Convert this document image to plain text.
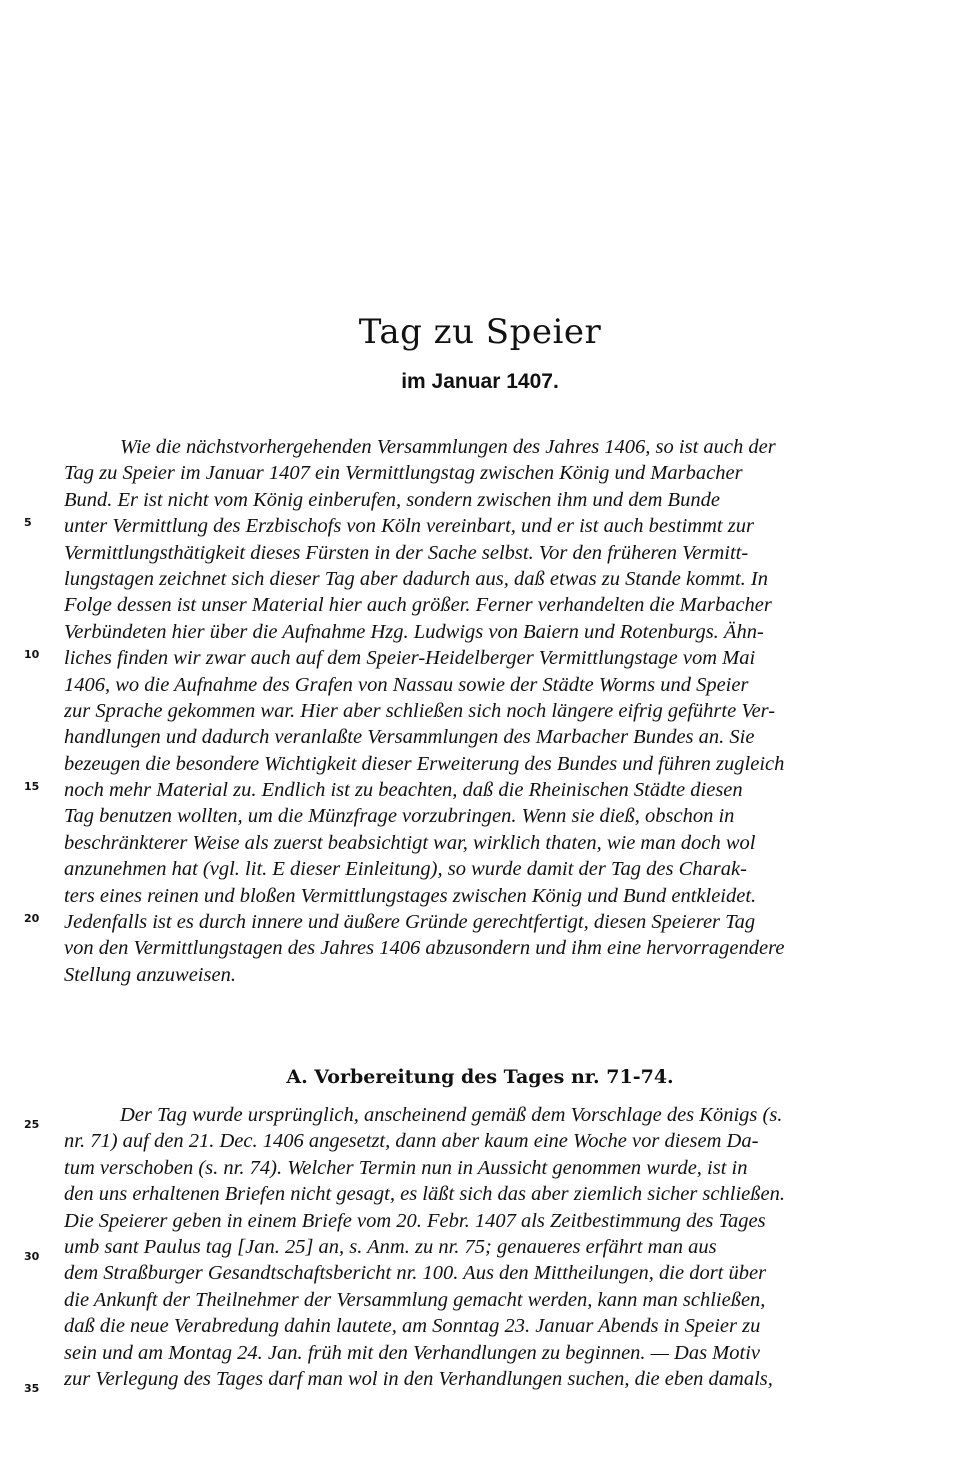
Tag zu Speier
im Januar 1407.
Wie die nächstvorhergehenden Versammlungen des Jahres 1406, so ist auch der
Tag zu Speier im Januar 1407 ein Vermittlungstag zwischen König und Marbacher
Bund. Er ist nicht vom König einberufen, sondern zwischen ihm und dem Bunde
unter Vermittlung des Erzbischofs von Köln vereinbart, und er ist auch bestimmt zur
Vermittlungsthätigkeit dieses Fürsten in der Sache selbst. Vor den früheren Vermitt-
lungstagen zeichnet sich dieser Tag aber dadurch aus, daß etwas zu Stande kommt. In
Folge dessen ist unser Material hier auch größer. Ferner verhandelten die Marbacher
Verbündeten hier über die Aufnahme Hzg. Ludwigs von Baiern und Rotenburgs. Ähn-
liches finden wir zwar auch auf dem Speier-Heidelberger Vermittlungstage vom Mai
1406, wo die Aufnahme des Grafen von Nassau sowie der Städte Worms und Speier
zur Sprache gekommen war. Hier aber schließen sich noch längere eifrig geführte Ver-
handlungen und dadurch veranlaßte Versammlungen des Marbacher Bundes an. Sie
bezeugen die besondere Wichtigkeit dieser Erweiterung des Bundes und führen zugleich
noch mehr Material zu. Endlich ist zu beachten, daß die Rheinischen Städte diesen
Tag benutzen wollten, um die Münzfrage vorzubringen. Wenn sie dieß, obschon in
beschränkterer Weise als zuerst beabsichtigt war, wirklich thaten, wie man doch wol
anzunehmen hat (vgl. lit. E dieser Einleitung), so wurde damit der Tag des Charak-
ters eines reinen und bloßen Vermittlungstages zwischen König und Bund entkleidet.
Jedenfalls ist es durch innere und äußere Gründe gerechtfertigt, diesen Speierer Tag
von den Vermittlungstagen des Jahres 1406 abzusondern und ihm eine hervorragendere
Stellung anzuweisen.
A. Vorbereitung des Tages nr. 71-74.
Der Tag wurde ursprünglich, anscheinend gemäß dem Vorschlage des Königs (s.
nr. 71) auf den 21. Dec. 1406 angesetzt, dann aber kaum eine Woche vor diesem Da-
tum verschoben (s. nr. 74). Welcher Termin nun in Aussicht genommen wurde, ist in
den uns erhaltenen Briefen nicht gesagt, es läßt sich das aber ziemlich sicher schließen.
Die Speierer geben in einem Briefe vom 20. Febr. 1407 als Zeitbestimmung des Tages
umb sant Paulus tag [Jan. 25] an, s. Anm. zu nr. 75; genaueres erfährt man aus
dem Straßburger Gesandtschaftsbericht nr. 100. Aus den Mittheilungen, die dort über
die Ankunft der Theilnehmer der Versammlung gemacht werden, kann man schließen,
daß die neue Verabredung dahin lautete, am Sonntag 23. Januar Abends in Speier zu
sein und am Montag 24. Jan. früh mit den Verhandlungen zu beginnen. — Das Motiv
zur Verlegung des Tages darf man wol in den Verhandlungen suchen, die eben damals,
5
10
15
20
25
30
35
